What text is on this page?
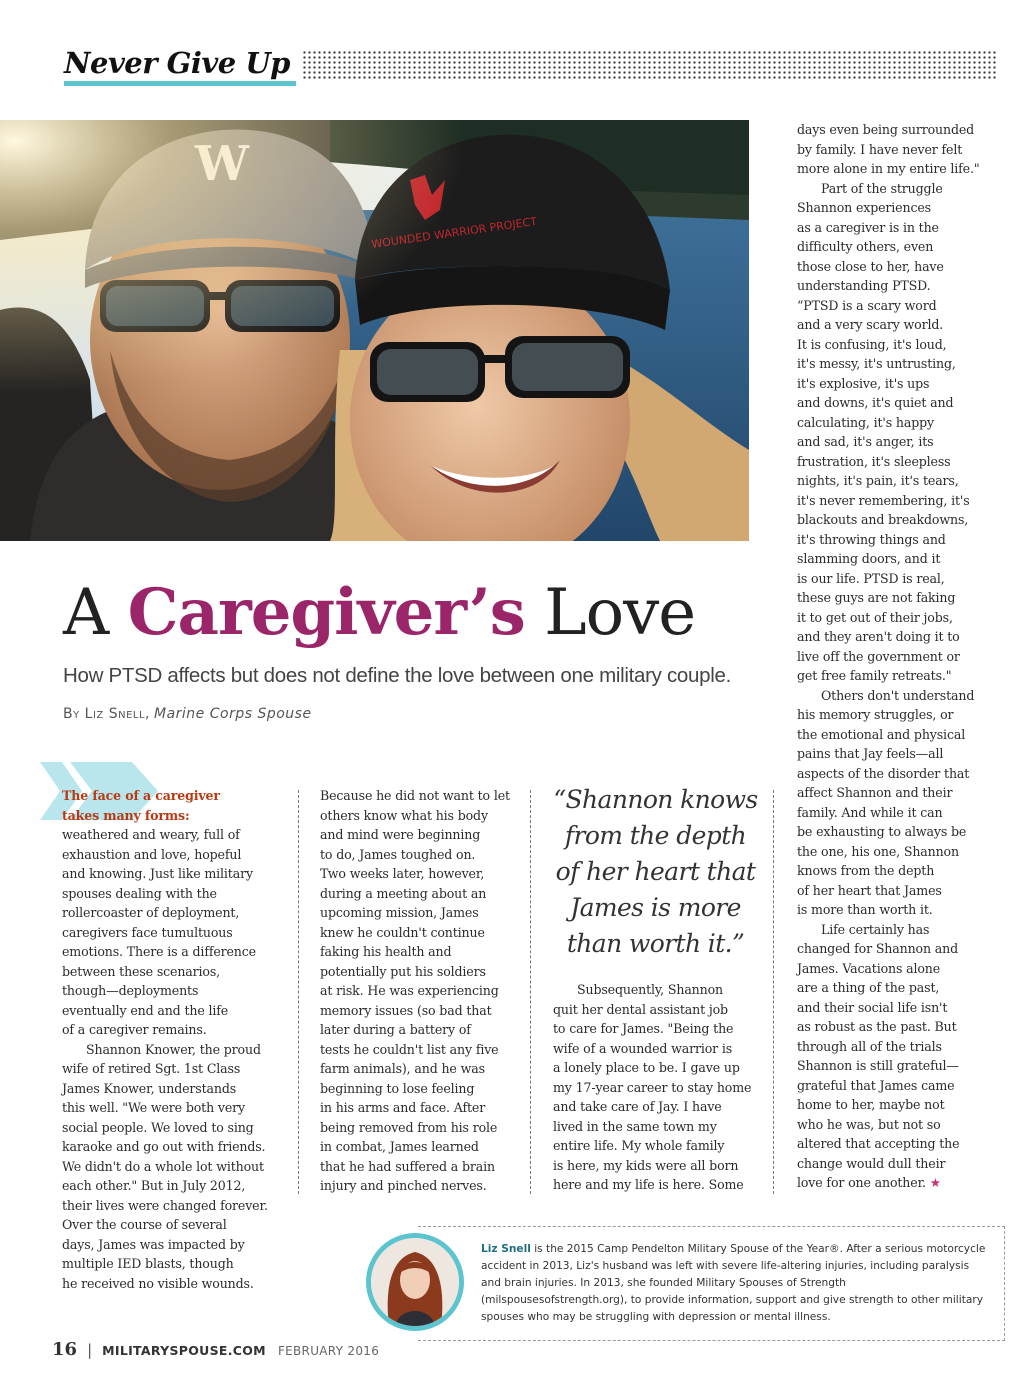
Never Give Up
A Caregiver’s Love
How PTSD affects but does not define the love between one military couple.
By Liz Snell, Marine Corps Spouse

The face of a caregiver
takes many forms:

weathered and weary, full of
exhaustion and love, hopeful
and knowing. Just like military
spouses dealing with the
rollercoaster of deployment,
caregivers face tumultuous
emotions. There is a difference
between these scenarios,
though—deployments
eventually end and the life
of a caregiver remains.

Shannon Knower, the proud
wife of retired Sgt. 1st Class
James Knower, understands
this well. "We were both very
social people. We loved to sing
karaoke and go out with friends.
We didn't do a whole lot without
each other." But in July 2012,
their lives were changed forever.
Over the course of several
days, James was impacted by
multiple IED blasts, though
he received no visible wounds.

Because he did not want to let
others know what his body
and mind were beginning
to do, James toughed on.
Two weeks later, however,
during a meeting about an
upcoming mission, James
knew he couldn't continue
faking his health and
potentially put his soldiers
at risk. He was experiencing
memory issues (so bad that
later during a battery of
tests he couldn't list any five
farm animals), and he was
beginning to lose feeling
in his arms and face. After
being removed from his role
in combat, James learned
that he had suffered a brain
injury and pinched nerves.

“Shannon knows
from the depth
of her heart that
James is more
than worth it.”

Subsequently, Shannon
quit her dental assistant job
to care for James. "Being the
wife of a wounded warrior is
a lonely place to be. I gave up
my 17-year career to stay home
and take care of Jay. I have
lived in the same town my
entire life. My whole family
is here, my kids were all born
here and my life is here. Some

days even being surrounded
by family. I have never felt
more alone in my entire life."

Part of the struggle
Shannon experiences
as a caregiver is in the
difficulty others, even
those close to her, have
understanding PTSD.
“PTSD is a scary word
and a very scary world.
It is confusing, it's loud,
it's messy, it's untrusting,
it's explosive, it's ups
and downs, it's quiet and
calculating, it's happy
and sad, it's anger, its
frustration, it's sleepless
nights, it's pain, it's tears,
it's never remembering, it's
blackouts and breakdowns,
it's throwing things and
slamming doors, and it
is our life. PTSD is real,
these guys are not faking
it to get out of their jobs,
and they aren't doing it to
live off the government or
get free family retreats."

Others don't understand
his memory struggles, or
the emotional and physical
pains that Jay feels—all
aspects of the disorder that
affect Shannon and their
family. And while it can
be exhausting to always be
the one, his one, Shannon
knows from the depth
of her heart that James
is more than worth it.

Life certainly has
changed for Shannon and
James. Vacations alone
are a thing of the past,
and their social life isn't
as robust as the past. But
through all of the trials
Shannon is still grateful—
grateful that James came
home to her, maybe not
who he was, but not so
altered that accepting the
change would dull their
love for one another. ★

Liz Snell is the 2015 Camp Pendelton Military Spouse of the Year®. After a serious motorcycle accident in 2013, Liz's husband was left with severe life-altering injuries, including paralysis and brain injuries. In 2013, she founded Military Spouses of Strength (milspousesofstrength.org), to provide information, support and give strength to other military spouses who may be struggling with depression or mental illness.
16 | MILITARYSPOUSE.COM FEBRUARY 2016
